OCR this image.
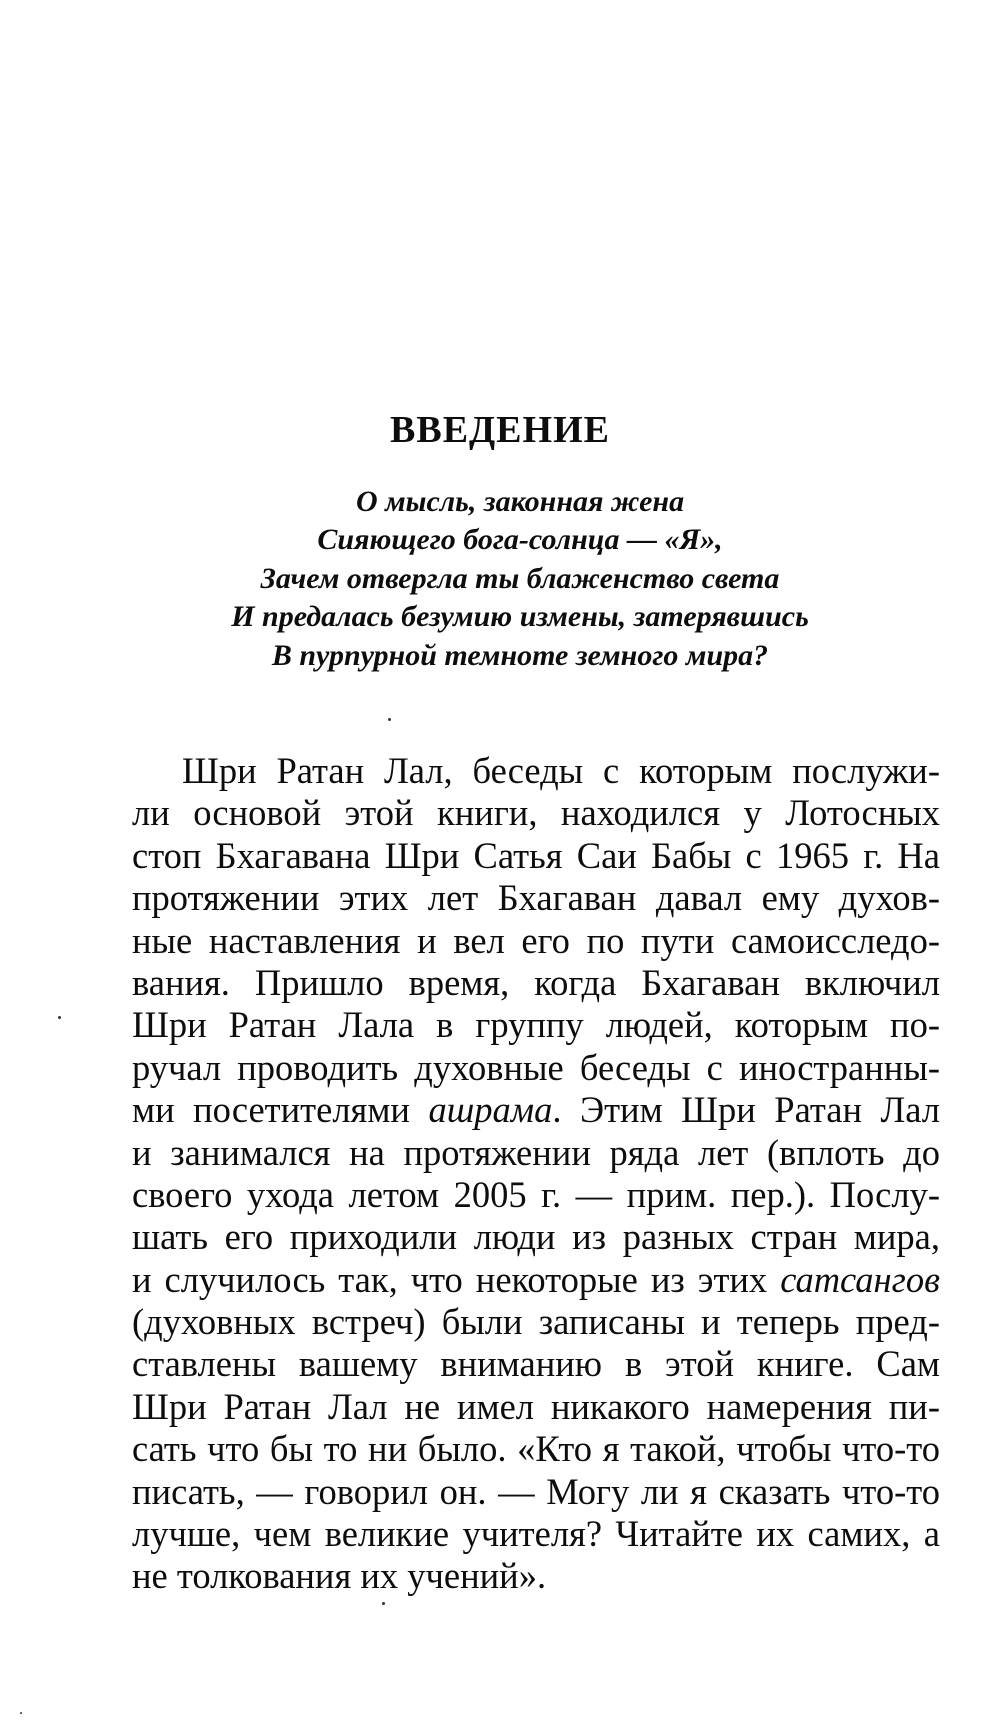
ВВЕДЕНИЕ
О мысль, законная жена
Сияющего бога-солнца — «Я»,
Зачем отвергла ты блаженство света
И предалась безумию измены, затерявшись
В пурпурной темноте земного мира?
Шри Ратан Лал, беседы с которым послужи-
ли основой этой книги, находился у Лотосных
стоп Бхагавана Шри Сатья Саи Бабы с 1965 г. На
протяжении этих лет Бхагаван давал ему духов-
ные наставления и вел его по пути самоисследо-
вания. Пришло время, когда Бхагаван включил
Шри Ратан Лала в группу людей, которым по-
ручал проводить духовные беседы с иностранны-
ми посетителями ашрама. Этим Шри Ратан Лал
и занимался на протяжении ряда лет (вплоть до
своего ухода летом 2005 г. — прим. пер.). Послу-
шать его приходили люди из разных стран мира,
и случилось так, что некоторые из этих сатсангов
(духовных встреч) были записаны и теперь пред-
ставлены вашему вниманию в этой книге. Сам
Шри Ратан Лал не имел никакого намерения пи-
сать что бы то ни было. «Кто я такой, чтобы что-то
писать, — говорил он. — Могу ли я сказать что-то
лучше, чем великие учителя? Читайте их самих, а
не толкования их учений».
